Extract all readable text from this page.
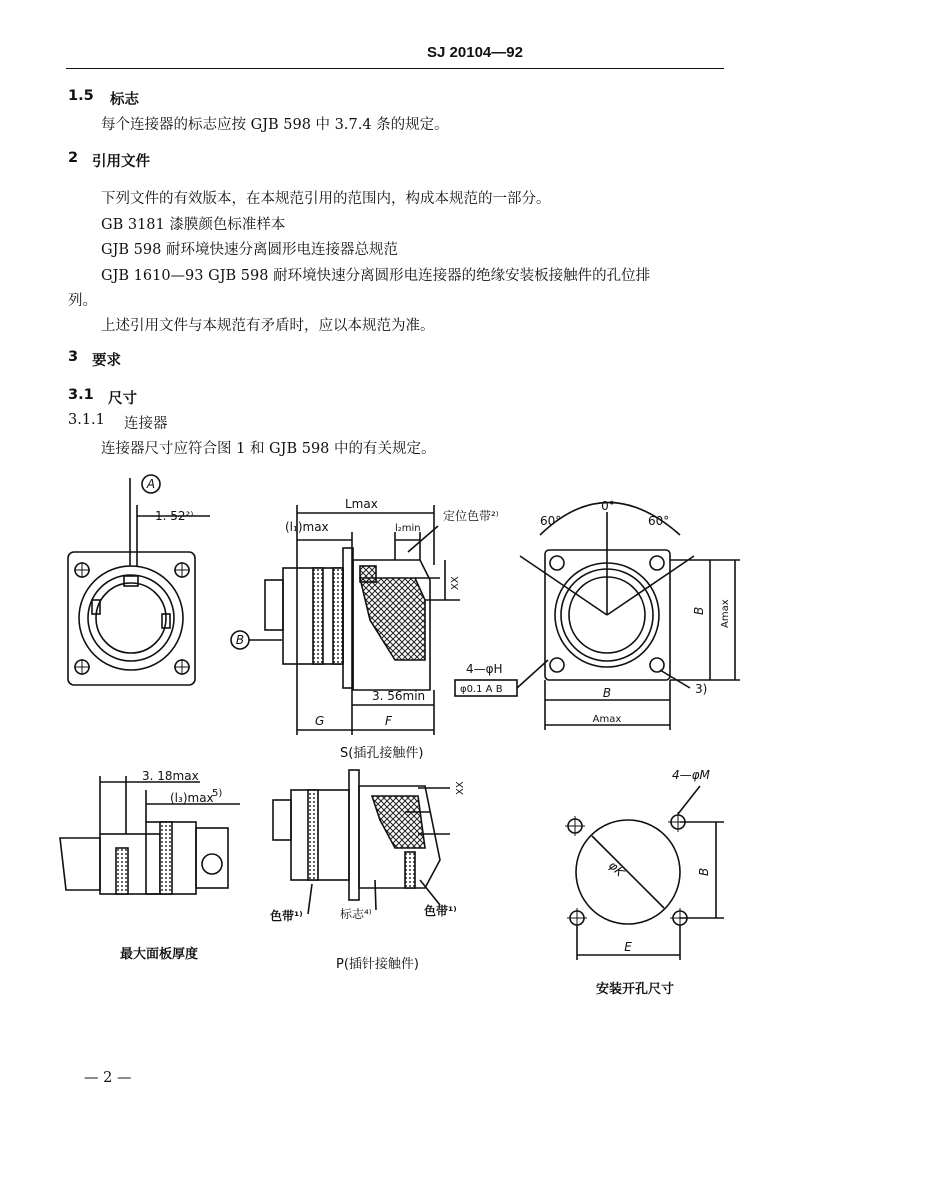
SJ 20104—92
1.5 标志
每个连接器的标志应按 GJB 598 中 3.7.4 条的规定。
2 引用文件
下列文件的有效版本，在本规范引用的范围内，构成本规范的一部分。
GB 3181 漆膜颜色标准样本
GJB 598 耐环境快速分离圆形电连接器总规范
GJB 1610—93 GJB 598 耐环境快速分离圆形电连接器的绝缘安装板接触件的孔位排
列。
上述引用文件与本规范有矛盾时，应以本规范为准。
3 要求
3.1 尺寸
3.1.1 连接器
连接器尺寸应符合图 1 和 GJB 598 中的有关规定。
A
B
1. 52²⁾
Lmax
(l₁)max	l₂min
定位色带²⁾
XX
3. 56min
G	F
0°
60°	60°
4—φH
φ0.1 A B	3)
Amax
B
B
Amax
3. 18max
(l₃)max
5)	XX
色带¹⁾	标志⁴⁾	色带¹⁾
4—φM
φK	B
E
S(插孔接触件)
最大面板厚度
P(插针接触件)
安装开孔尺寸
— 2 —
